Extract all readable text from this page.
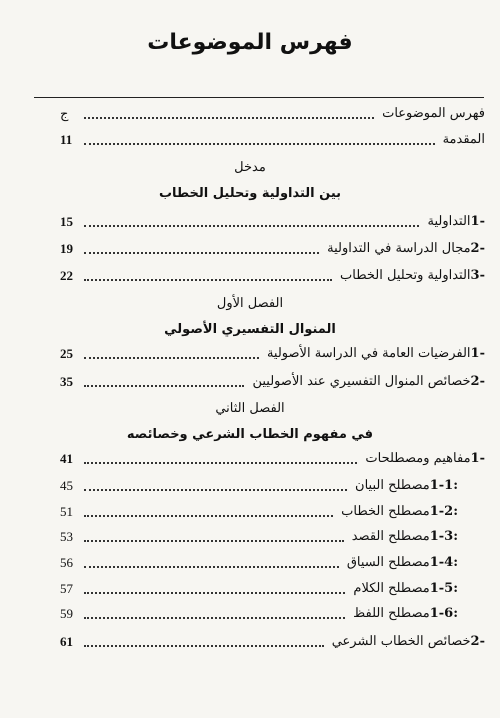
فهرس الموضوعات
فهرس الموضوعات
ج
المقدمة
11
مدخل
بين التداولية وتحليل الخطاب
1-
التداولية
15
2-
مجال الدراسة في التداولية
19
3-
التداولية وتحليل الخطاب
22
الفصل الأول
المنوال التفسيري الأصولي
1-
الفرضيات العامة في الدراسة الأصولية
25
2-
خصائص المنوال التفسيري عند الأصوليين
35
الفصل الثاني
في مفهوم الخطاب الشرعي وخصائصه
1-
مفاهيم ومصطلحات
41
1-1:
مصطلح البيان
45
1-2:
مصطلح الخطاب
51
1-3:
مصطلح القصد
53
1-4:
مصطلح السياق
56
1-5:
مصطلح الكلام
57
1-6:
مصطلح اللفظ
59
2-
خصائص الخطاب الشرعي
61
